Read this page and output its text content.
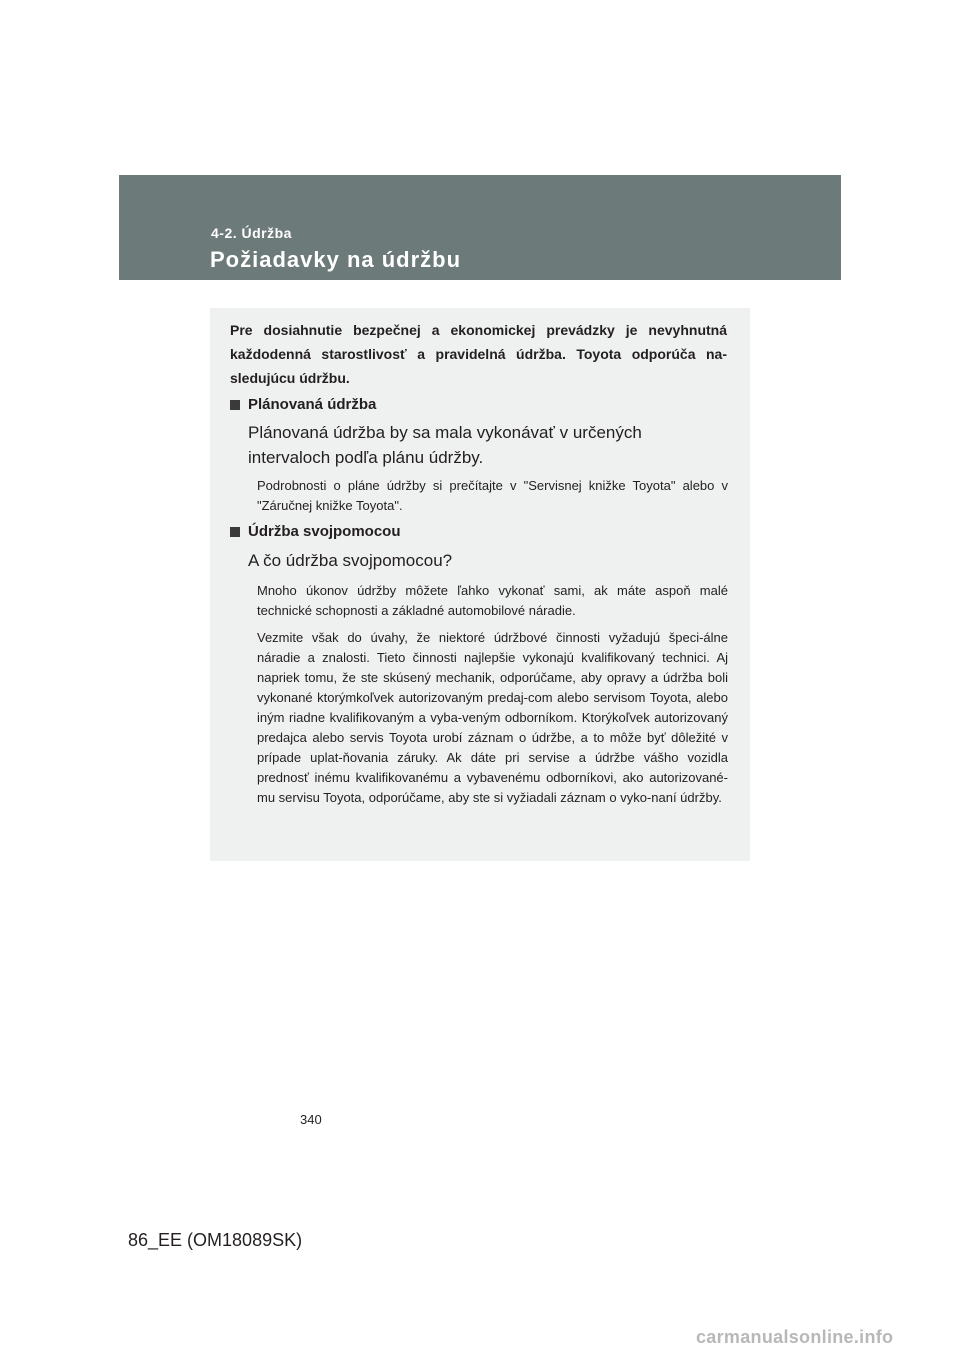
4-2. Údržba
Požiadavky na údržbu
Pre dosiahnutie bezpečnej a ekonomickej prevádzky je nevyhnutná každodenná starostlivosť a pravidelná údržba. Toyota odporúča na-sledujúcu údržbu.
Plánovaná údržba
Plánovaná údržba by sa mala vykonávať v určených intervaloch podľa plánu údržby.
Podrobnosti o pláne údržby si prečítajte v "Servisnej knižke Toyota" alebo v "Záručnej knižke Toyota".
Údržba svojpomocou
A čo údržba svojpomocou?
Mnoho úkonov údržby môžete ľahko vykonať sami, ak máte aspoň malé technické schopnosti a základné automobilové náradie.
Vezmite však do úvahy, že niektoré údržbové činnosti vyžadujú špeci-álne náradie a znalosti. Tieto činnosti najlepšie vykonajú kvalifikovaný technici. Aj napriek tomu, že ste skúsený mechanik, odporúčame, aby opravy a údržba boli vykonané ktorýmkoľvek autorizovaným predaj-com alebo servisom Toyota, alebo iným riadne kvalifikovaným a vyba-veným odborníkom. Ktorýkoľvek autorizovaný predajca alebo servis Toyota urobí záznam o údržbe, a to môže byť dôležité v prípade uplat-ňovania záruky. Ak dáte pri servise a údržbe vášho vozidla prednosť inému kvalifikovanému a vybavenému odborníkovi, ako autorizované-mu servisu Toyota, odporúčame, aby ste si vyžiadali záznam o vyko-naní údržby.
340
86_EE (OM18089SK)
carmanualsonline.info
